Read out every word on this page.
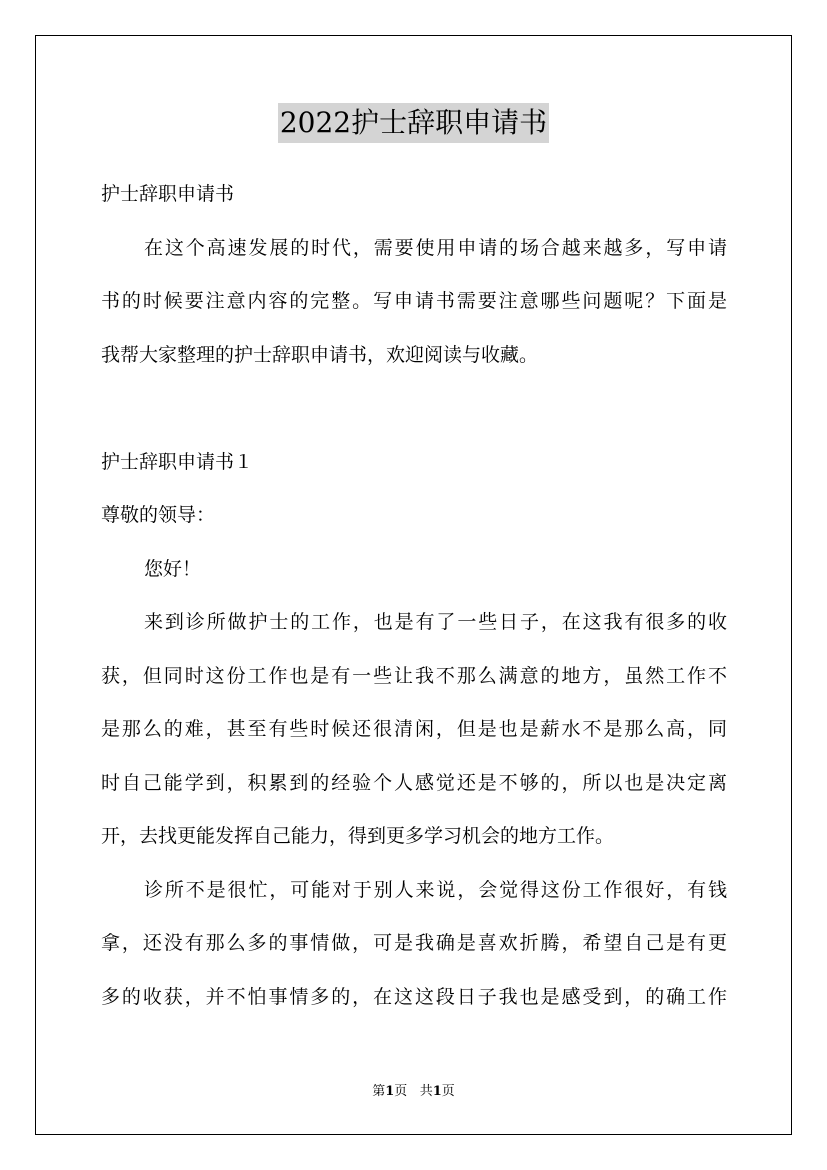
2022护士辞职申请书
护士辞职申请书
在这个高速发展的时代，需要使用申请的场合越来越多，写申请
书的时候要注意内容的完整。写申请书需要注意哪些问题呢？下面是
我帮大家整理的护士辞职申请书，欢迎阅读与收藏。
护士辞职申请书１
尊敬的领导：
您好！
来到诊所做护士的工作，也是有了一些日子，在这我有很多的收
获，但同时这份工作也是有一些让我不那么满意的地方，虽然工作不
是那么的难，甚至有些时候还很清闲，但是也是薪水不是那么高，同
时自己能学到，积累到的经验个人感觉还是不够的，所以也是决定离
开，去找更能发挥自己能力，得到更多学习机会的地方工作。
诊所不是很忙，可能对于别人来说，会觉得这份工作很好，有钱
拿，还没有那么多的事情做，可是我确是喜欢折腾，希望自己是有更
多的收获，并不怕事情多的，在这这段日子我也是感受到，的确工作
第1页 共1页
